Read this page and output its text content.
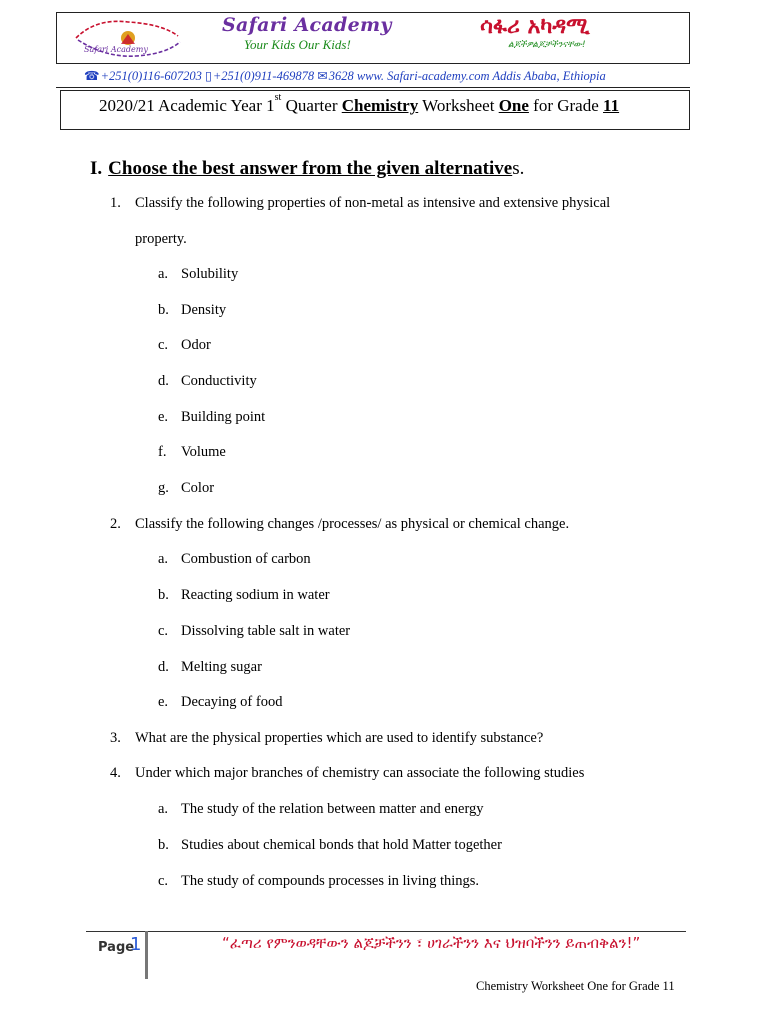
Safari Academy
Safari Academy
Your Kids Our Kids!
ሳፋሪ አካዳሚ
ልጆችዎልጆቻችንናቸው!
☎+251(0)116-607203 ▯+251(0)911-469878 ✉3628 www. Safari-academy.com Addis Ababa, Ethiopia
2020/21 Academic Year 1st Quarter Chemistry Worksheet One for Grade 11
I. Choose the best answer from the given alternatives.
1. Classify the following properties of non-metal as intensive and extensive physical
property.
a. Solubility
b. Density
c. Odor
d. Conductivity
e. Building point
f. Volume
g. Color
2. Classify the following changes /processes/ as physical or chemical change.
a. Combustion of carbon
b. Reacting sodium in water
c. Dissolving table salt in water
d. Melting sugar
e. Decaying of food
3. What are the physical properties which are used to identify substance?
4. Under which major branches of chemistry can associate the following studies
a. The study of the relation between matter and energy
b. Studies about chemical bonds that hold Matter together
c. The study of compounds processes in living things.
Page
1	“ፈጣሪ የምንወዳቸውን ልጆቻችንን ፣ ሀገራችንን እና ህዝባችንን ይጠብቅልን!”
Chemistry Worksheet One for Grade 11
